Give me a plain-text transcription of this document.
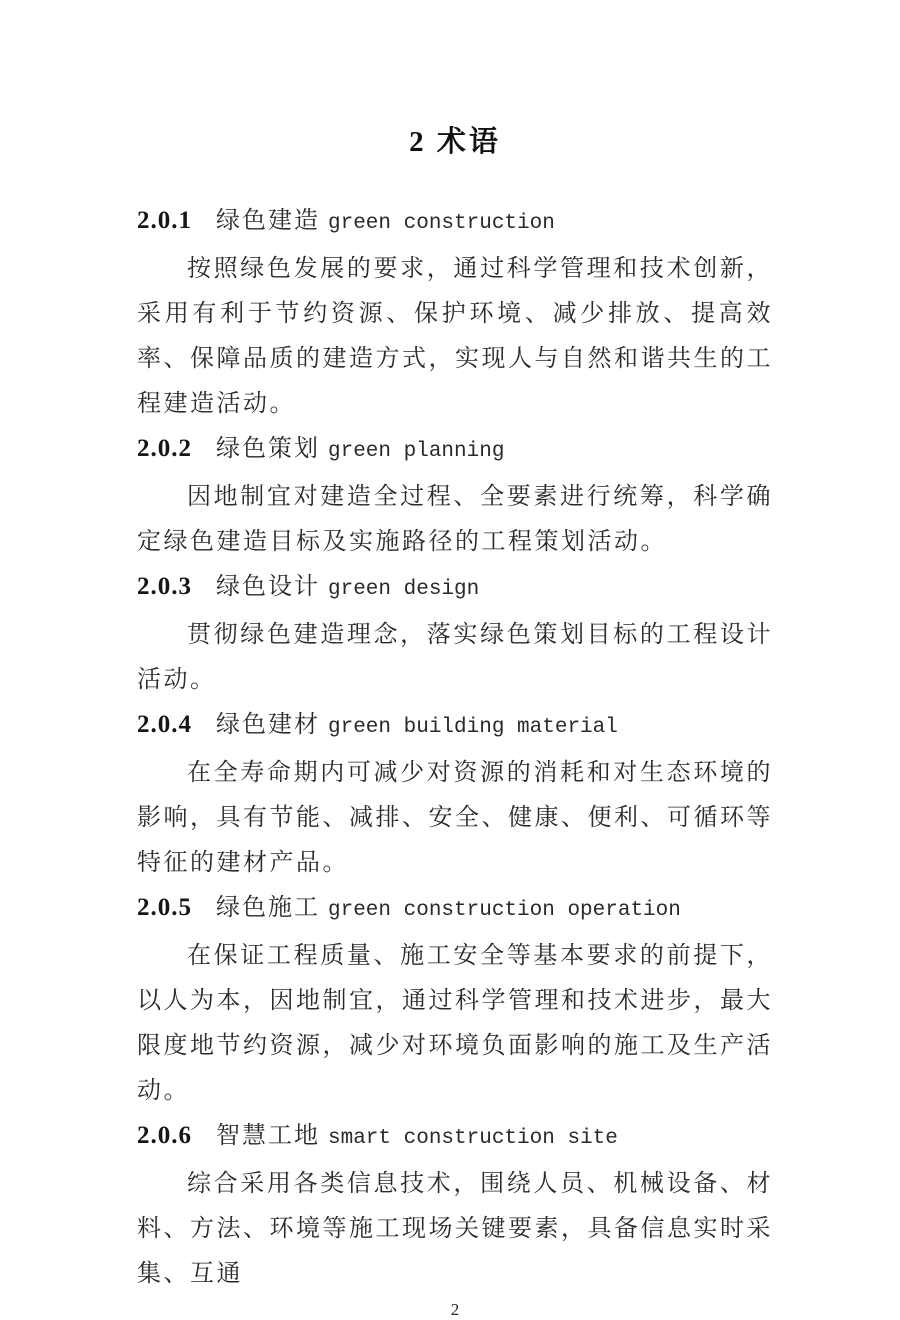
2 术语
2.0.1 绿色建造 green construction

按照绿色发展的要求，通过科学管理和技术创新，采用有利于节约资源、保护环境、减少排放、提高效率、保障品质的建造方式，实现人与自然和谐共生的工程建造活动。

2.0.2 绿色策划 green planning

因地制宜对建造全过程、全要素进行统筹，科学确定绿色建造目标及实施路径的工程策划活动。

2.0.3 绿色设计 green design

贯彻绿色建造理念，落实绿色策划目标的工程设计活动。

2.0.4 绿色建材 green building material

在全寿命期内可减少对资源的消耗和对生态环境的影响，具有节能、减排、安全、健康、便利、可循环等特征的建材产品。

2.0.5 绿色施工 green construction operation

在保证工程质量、施工安全等基本要求的前提下，以人为本，因地制宜，通过科学管理和技术进步，最大限度地节约资源，减少对环境负面影响的施工及生产活动。

2.0.6 智慧工地 smart construction site

综合采用各类信息技术，围绕人员、机械设备、材料、方法、环境等施工现场关键要素，具备信息实时采集、互通

2
